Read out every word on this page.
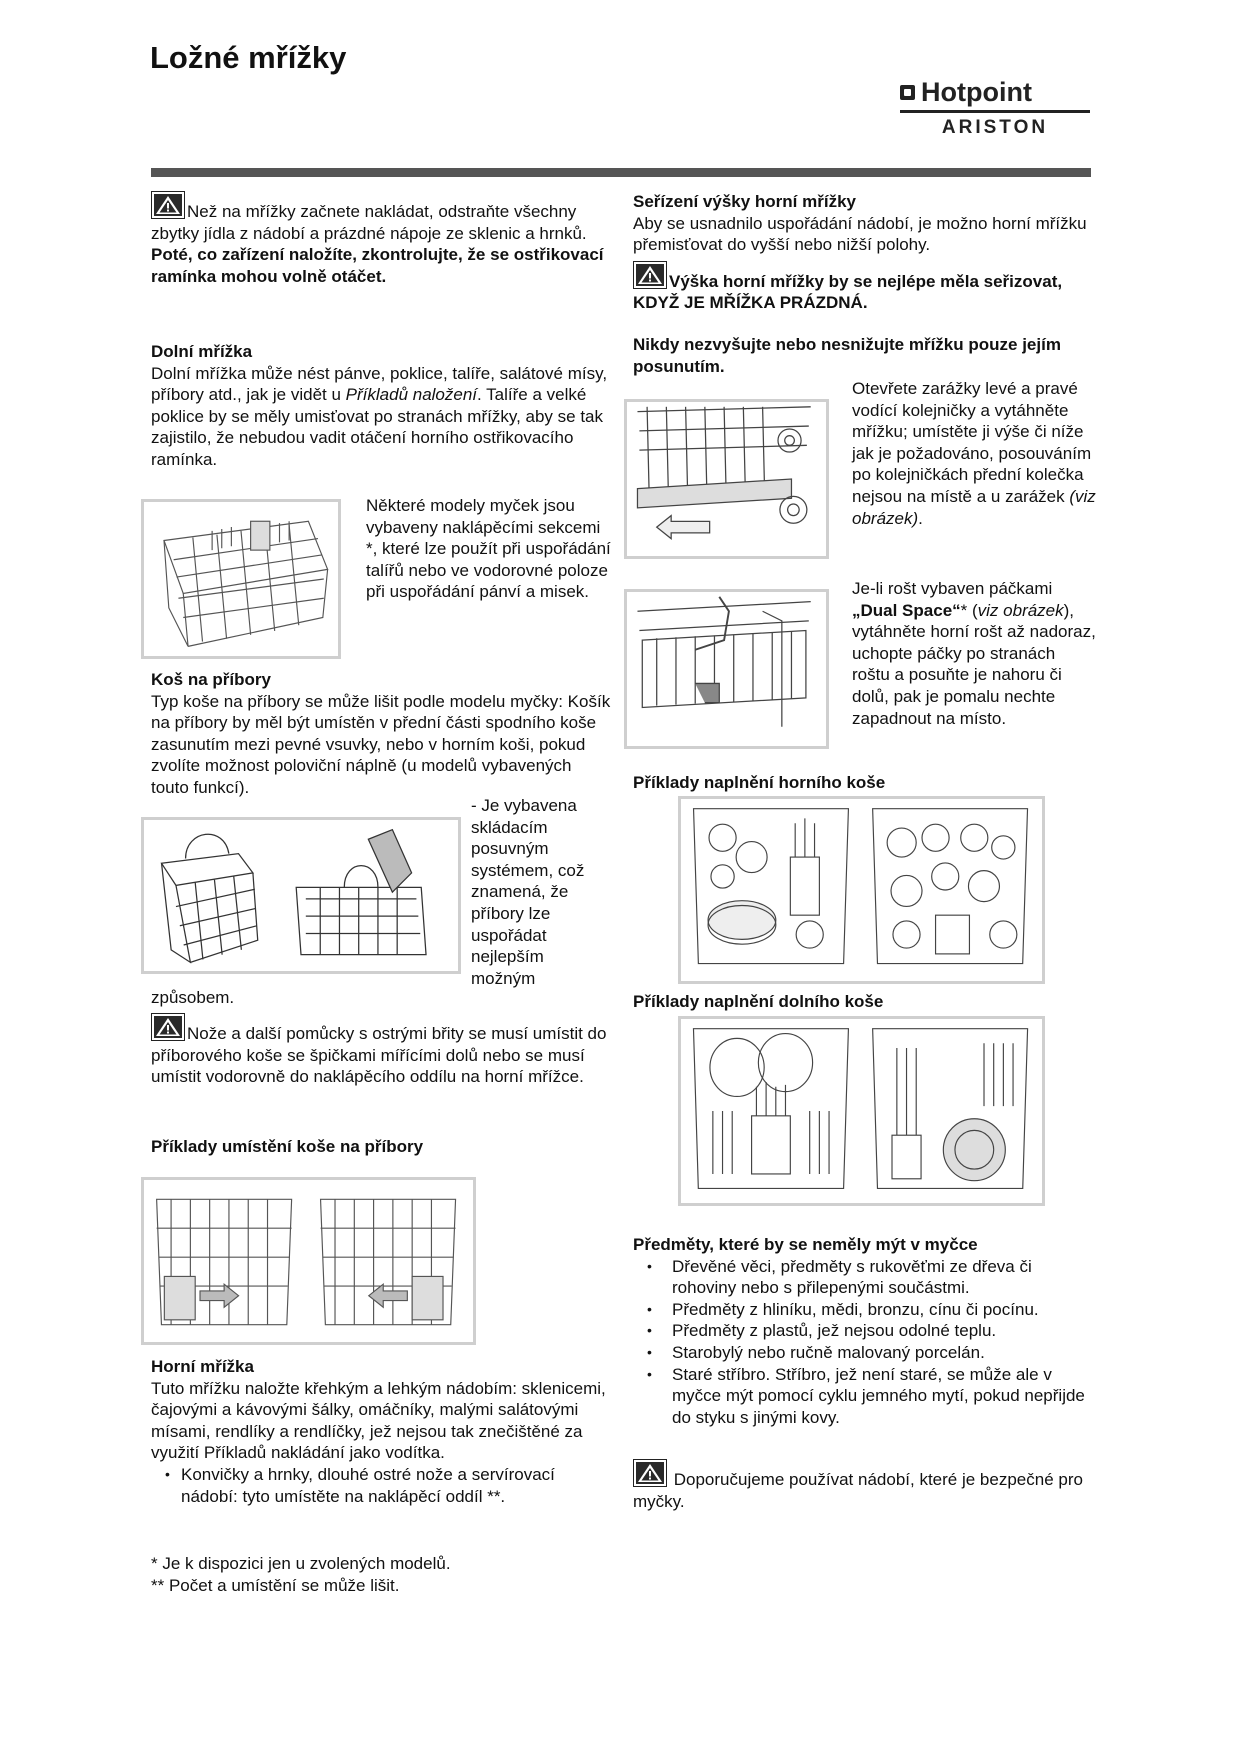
Ložné mřížky
Hotpoint
ARISTON

Než na mřížky začnete nakládat, odstraňte všechny zbytky jídla z nádobí a prázdné nápoje ze sklenic a hrnků. Poté, co zařízení naložíte, zkontrolujte, že se ostřikovací ramínka mohou volně otáčet.

Dolní mřížka

Dolní mřížka může nést pánve, poklice, talíře, salátové mísy, příbory atd., jak je vidět u Příkladů naložení. Talíře a velké poklice by se měly umisťovat po stranách mřížky, aby se tak zajistilo, že nebudou vadit otáčení horního ostřikovacího ramínka.

Některé modely myček jsou vybaveny naklápěcími sekcemi *, které lze použít při uspořádání talířů nebo ve vodorovné poloze při uspořádání pánví a misek.

Koš na příbory

Typ koše na příbory se může lišit podle modelu myčky: Košík na příbory by měl být umístěn v přední části spodního koše zasunutím mezi pevné vsuvky, nebo v horním koši, pokud zvolíte možnost poloviční náplně (u modelů vybavených touto funkcí).

- Je vybavena skládacím posuvným systémem, což znamená, že příbory lze uspořádat nejlepším možným
způsobem.

Nože a další pomůcky s ostrými břity se musí umístit do příborového koše se špičkami mířícími dolů nebo se musí umístit vodorovně do naklápěcího oddílu na horní mřížce.

Příklady umístění koše na příbory

Horní mřížka

Tuto mřížku naložte křehkým a lehkým nádobím: sklenicemi, čajovými a kávovými šálky, omáčníky, malými salátovými mísami, rendlíky a rendlíčky, jež nejsou tak znečištěné za využití Příkladů nakládání jako vodítka.

• Konvičky a hrnky, dlouhé ostré nože a servírovací nádobí: tyto umístěte na naklápěcí oddíl **.

* Je k dispozici jen u zvolených modelů.

** Počet a umístění se může lišit.

Seřízení výšky horní mřížky

Aby se usnadnilo uspořádání nádobí, je možno horní mřížku přemisťovat do vyšší nebo nižší polohy.

Výška horní mřížky by se nejlépe měla seřizovat, KDYŽ JE MŘÍŽKA PRÁZDNÁ.

Nikdy nezvyšujte nebo nesnižujte mřížku pouze jejím posunutím.

Otevřete zarážky levé a pravé vodící kolejničky a vytáhněte mřížku; umístěte ji výše či níže jak je požadováno, posouváním po kolejničkách přední kolečka nejsou na místě a u zarážek (viz obrázek).
Je-li rošt vybaven páčkami „Dual Space“* (viz obrázek), vytáhněte horní rošt až nadoraz, uchopte páčky po stranách roštu a posuňte je nahoru či dolů, pak je pomalu nechte zapadnout na místo.
Příklady naplnění horního koše
Příklady naplnění dolního koše

Předměty, které by se neměly mýt v myčce

• Dřevěné věci, předměty s rukověťmi ze dřeva či rohoviny nebo s přilepenými součástmi.
• Předměty z hliníku, mědi, bronzu, cínu či pocínu.
• Předměty z plastů, jež nejsou odolné teplu.
• Starobylý nebo ručně malovaný porcelán.
• Staré stříbro. Stříbro, jež není staré, se může ale v myčce mýt pomocí cyklu jemného mytí, pokud nepřijde do styku s jinými kovy.

Doporučujeme používat nádobí, které je bezpečné pro myčky.
